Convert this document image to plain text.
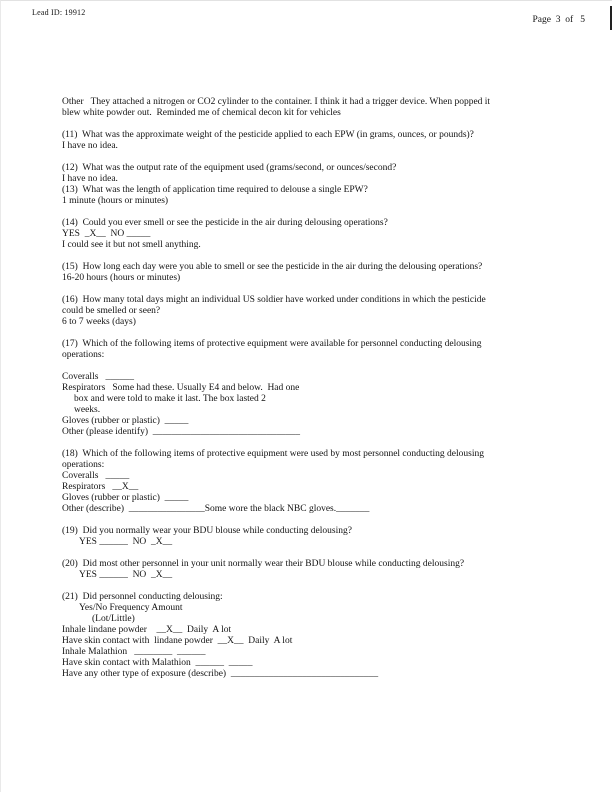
Lead ID: 19912
Page  3  of   5
Other   They attached a nitrogen or CO2 cylinder to the container. I think it had a trigger device. When popped it
blew white powder out.  Reminded me of chemical decon kit for vehicles
(11)  What was the approximate weight of the pesticide applied to each EPW (in grams, ounces, or pounds)?
I have no idea.
(12)  What was the output rate of the equipment used (grams/second, or ounces/second?
I have no idea.
(13)  What was the length of application time required to delouse a single EPW?
1 minute (hours or minutes)
(14)  Could you ever smell or see the pesticide in the air during delousing operations?
YES  _X__  NO _____
I could see it but not smell anything.
(15)  How long each day were you able to smell or see the pesticide in the air during the delousing operations?
16-20 hours (hours or minutes)
(16)  How many total days might an individual US soldier have worked under conditions in which the pesticide
could be smelled or seen?
6 to 7 weeks (days)
(17)  Which of the following items of protective equipment were available for personnel conducting delousing
operations:
Coveralls   ______
Respirators   Some had these. Usually E4 and below.  Had one
box and were told to make it last. The box lasted 2
weeks.
Gloves (rubber or plastic)  _____
Other (please identify)  _______________________________
(18)  Which of the following items of protective equipment were used by most personnel conducting delousing
operations:
Coveralls   _____
Respirators   __X__
Gloves (rubber or plastic)  _____
Other (describe)  ________________Some wore the black NBC gloves._______
(19)  Did you normally wear your BDU blouse while conducting delousing?
YES ______  NO  _X__
(20)  Did most other personnel in your unit normally wear their BDU blouse while conducting delousing?
YES ______  NO  _X__
(21)  Did personnel conducting delousing:
Yes/No Frequency Amount
(Lot/Little)
Inhale lindane powder    __X__  Daily  A lot
Have skin contact with  lindane powder  __X__  Daily  A lot
Inhale Malathion   ________  ______
Have skin contact with Malathion  ______  _____
Have any other type of exposure (describe)  _______________________________
